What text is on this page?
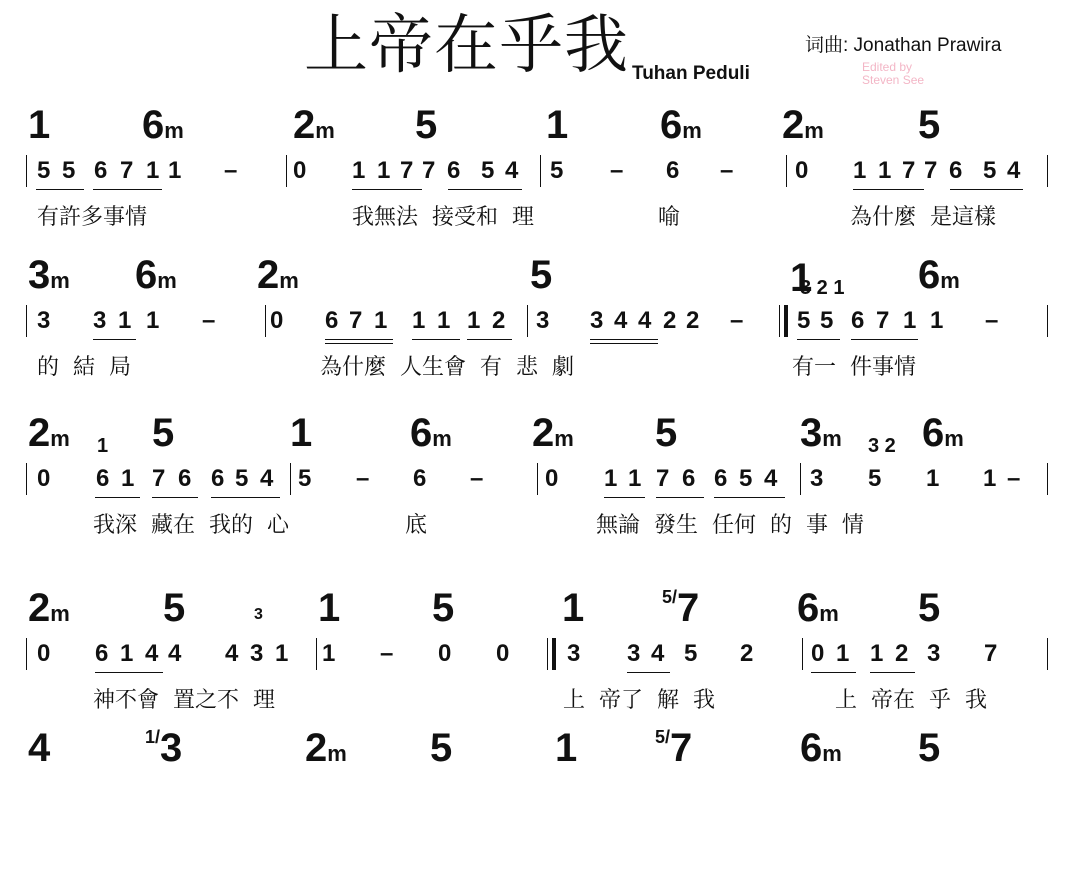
上帝在乎我 Tuhan Peduli
词曲: Jonathan Prawira
Edited by
Steven See
1 6m	2m 5	1 6m 2m 5
5 5 6 7 1 1 – 0 1 1 7 7 6 5 4 5 – 6 –	0 1 1 7 7 6 5 4
有許多事情	我無法  接受和  理	喻	為什麼  是這樣
3m 6m 2m	5	1	6m
3 3 1 1 – 0 6 7 1 1 1 1 2 3 3 4 4 2 2 – 5 5 6 7 1 1 –
3 2 1
的  結  局	為什麼  人生會  有  悲  劇	有一  件事情
2m 5	1 6m 2m 5	3m 6m
0 6 1 7 6 6 5 4 5 – 6 –	0 1 1 7 6 6 5 4 3 5 1 1 –
1	3 2
我深  藏在  我的  心	底	無論  發生  任何  的  事  情
2m 5	1 5	1	$^{5/}$7 6m 5
0 6 1 4 4 4 3 1 1 – 0 0 3 3 4 5 2 0 1 1 2 3 7
神不會  置之不  理	上  帝了  解  我	上  帝在  乎  我
3
4	$^{1/}$3	2m 5	1	$^{5/}$7	6m 5
